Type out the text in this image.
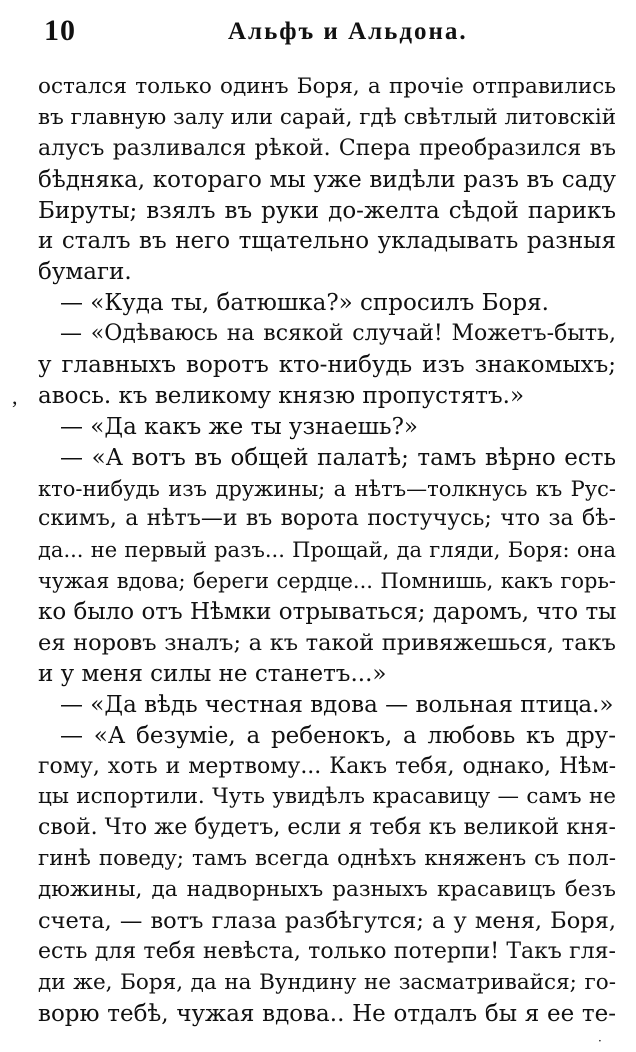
10	Альфъ и Альдона.
,
остался только одинъ Боря, а прочіе отправились
въ главную залу или сарай, гдѣ свѣтлый литовскій
алусъ разливался рѣкой. Спера преобразился въ
бѣдняка, котораго мы уже видѣли разъ въ саду
Бируты; взялъ въ руки до-желта сѣдой парикъ
и сталъ въ него тщательно укладывать разныя
бумаги.
— «Куда ты, батюшка?» спросилъ Боря.
— «Одѣваюсь на всякой случай! Можетъ-быть,
у главныхъ воротъ кто-нибудь изъ знакомыхъ;
авось. къ великому князю пропустятъ.»
— «Да какъ же ты узнаешь?»
— «А вотъ въ общей палатѣ; тамъ вѣрно есть
кто-нибудь изъ дружины; а нѣтъ—толкнусь къ Рус-
скимъ, а нѣтъ—и въ ворота постучусь; что за бѣ-
да... не первый разъ... Прощай, да гляди, Боря: она
чужая вдова; береги сердце... Помнишь, какъ горь-
ко было отъ Нѣмки отрываться; даромъ, что ты
ея норовъ зналъ; а къ такой привяжешься, такъ
и у меня силы не станетъ...»
— «Да вѣдь честная вдова — вольная птица.»
— «А безуміе, а ребенокъ, а любовь къ дру-
гому, хоть и мертвому... Какъ тебя, однако, Нѣм-
цы испортили. Чуть увидѣлъ красавицу — самъ не
свой. Что же будетъ, если я тебя къ великой кня-
гинѣ поведу; тамъ всегда однѣхъ княженъ съ пол-
дюжины, да надворныхъ разныхъ красавицъ безъ
счета, — вотъ глаза разбѣгутся; а у меня, Боря,
есть для тебя невѣста, только потерпи! Такъ гля-
ди же, Боря, да на Вундину не засматривайся; го-
ворю тебѣ, чужая вдова.. Не отдалъ бы я ее те-
·
